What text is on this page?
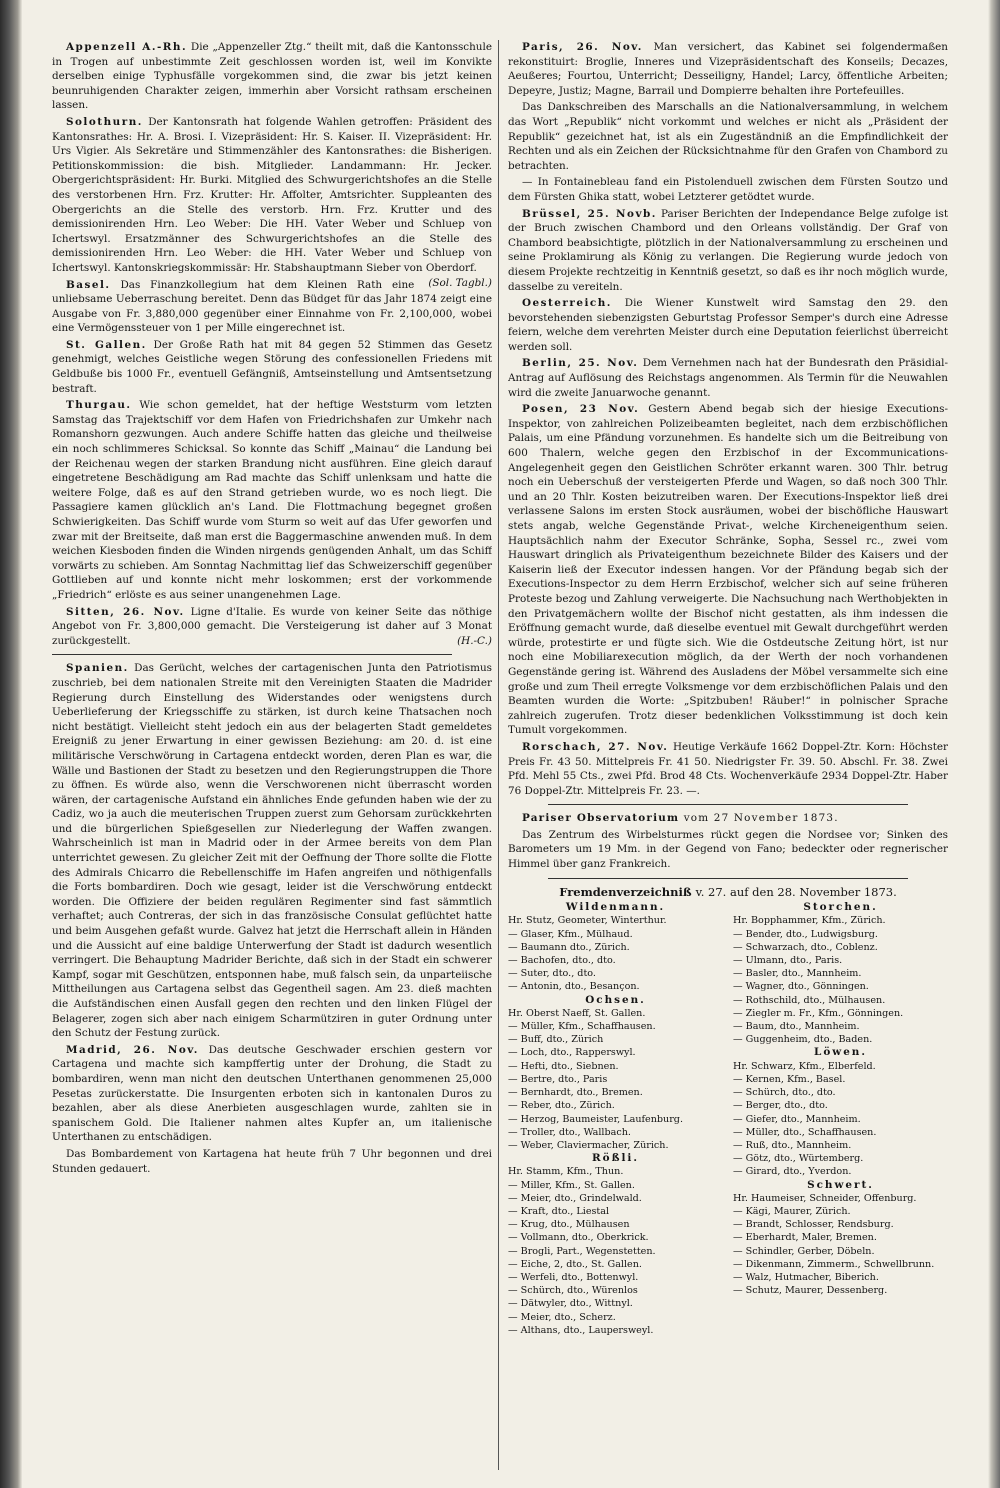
Appenzell A.-Rh. Die „Appenzeller Ztg.“ theilt mit, daß die Kantonsschule in Trogen auf unbestimmte Zeit geschlossen worden ist, weil im Konvikte derselben einige Typhusfälle vorgekommen sind, die zwar bis jetzt keinen beunruhigenden Charakter zeigen, immerhin aber Vorsicht rathsam erscheinen lassen.

Solothurn. Der Kantonsrath hat folgende Wahlen getroffen: Präsident des Kantonsrathes: Hr. A. Brosi. I. Vizepräsident: Hr. S. Kaiser. II. Vizepräsident: Hr. Urs Vigier. Als Sekretäre und Stimmenzähler des Kantonsrathes: die Bisherigen. Petitionskommission: die bish. Mitglieder. Landammann: Hr. Jecker. Obergerichtspräsident: Hr. Burki. Mitglied des Schwurgerichtshofes an die Stelle des verstorbenen Hrn. Frz. Krutter: Hr. Affolter, Amtsrichter. Suppleanten des Obergerichts an die Stelle des verstorb. Hrn. Frz. Krutter und des demissionirenden Hrn. Leo Weber: Die HH. Vater Weber und Schluep von Ichertswyl. Ersatzmänner des Schwurgerichtshofes an die Stelle des demissionirenden Hrn. Leo Weber: die HH. Vater Weber und Schluep von Ichertswyl. Kantonskriegskommissär: Hr. Stabshauptmann Sieber von Oberdorf.
(Sol. Tagbl.)

Basel. Das Finanzkollegium hat dem Kleinen Rath eine unliebsame Ueberraschung bereitet. Denn das Büdget für das Jahr 1874 zeigt eine Ausgabe von Fr. 3,880,000 gegenüber einer Einnahme von Fr. 2,100,000, wobei eine Vermögenssteuer von 1 per Mille eingerechnet ist.

St. Gallen. Der Große Rath hat mit 84 gegen 52 Stimmen das Gesetz genehmigt, welches Geistliche wegen Störung des confessionellen Friedens mit Geldbuße bis 1000 Fr., eventuell Gefängniß, Amtseinstellung und Amtsentsetzung bestraft.

Thurgau. Wie schon gemeldet, hat der heftige Weststurm vom letzten Samstag das Trajektschiff vor dem Hafen von Friedrichshafen zur Umkehr nach Romanshorn gezwungen. Auch andere Schiffe hatten das gleiche und theilweise ein noch schlimmeres Schicksal. So konnte das Schiff „Mainau“ die Landung bei der Reichenau wegen der starken Brandung nicht ausführen. Eine gleich darauf eingetretene Beschädigung am Rad machte das Schiff unlenksam und hatte die weitere Folge, daß es auf den Strand getrieben wurde, wo es noch liegt. Die Passagiere kamen glücklich an's Land. Die Flottmachung begegnet großen Schwierigkeiten. Das Schiff wurde vom Sturm so weit auf das Ufer geworfen und zwar mit der Breitseite, daß man erst die Baggermaschine anwenden muß. In dem weichen Kiesboden finden die Winden nirgends genügenden Anhalt, um das Schiff vorwärts zu schieben. Am Sonntag Nachmittag lief das Schweizerschiff gegenüber Gottlieben auf und konnte nicht mehr loskommen; erst der vorkommende „Friedrich“ erlöste es aus seiner unangenehmen Lage.

Sitten, 26. Nov. Ligne d'Italie. Es wurde von keiner Seite das nöthige Angebot von Fr. 3,800,000 gemacht. Die Versteigerung ist daher auf 3 Monat zurückgestellt.	(H.-C.)

Spanien. Das Gerücht, welches der cartagenischen Junta den Patriotismus zuschrieb, bei dem nationalen Streite mit den Vereinigten Staaten die Madrider Regierung durch Einstellung des Widerstandes oder wenigstens durch Ueberlieferung der Kriegsschiffe zu stärken, ist durch keine Thatsachen noch nicht bestätigt. Vielleicht steht jedoch ein aus der belagerten Stadt gemeldetes Ereigniß zu jener Erwartung in einer gewissen Beziehung: am 20. d. ist eine militärische Verschwörung in Cartagena entdeckt worden, deren Plan es war, die Wälle und Bastionen der Stadt zu besetzen und den Regierungstruppen die Thore zu öffnen. Es würde also, wenn die Verschworenen nicht überrascht worden wären, der cartagenische Aufstand ein ähnliches Ende gefunden haben wie der zu Cadiz, wo ja auch die meuterischen Truppen zuerst zum Gehorsam zurückkehrten und die bürgerlichen Spießgesellen zur Niederlegung der Waffen zwangen. Wahrscheinlich ist man in Madrid oder in der Armee bereits von dem Plan unterrichtet gewesen. Zu gleicher Zeit mit der Oeffnung der Thore sollte die Flotte des Admirals Chicarro die Rebellenschiffe im Hafen angreifen und nöthigenfalls die Forts bombardiren. Doch wie gesagt, leider ist die Verschwörung entdeckt worden. Die Offiziere der beiden regulären Regimenter sind fast sämmtlich verhaftet; auch Contreras, der sich in das französische Consulat geflüchtet hatte und beim Ausgehen gefaßt wurde. Galvez hat jetzt die Herrschaft allein in Händen und die Aussicht auf eine baldige Unterwerfung der Stadt ist dadurch wesentlich verringert. Die Behauptung Madrider Berichte, daß sich in der Stadt ein schwerer Kampf, sogar mit Geschützen, entsponnen habe, muß falsch sein, da unparteiische Mittheilungen aus Cartagena selbst das Gegentheil sagen. Am 23. dieß machten die Aufständischen einen Ausfall gegen den rechten und den linken Flügel der Belagerer, zogen sich aber nach einigem Scharmütziren in guter Ordnung unter den Schutz der Festung zurück.

Madrid, 26. Nov. Das deutsche Geschwader erschien gestern vor Cartagena und machte sich kampffertig unter der Drohung, die Stadt zu bombardiren, wenn man nicht den deutschen Unterthanen genommenen 25,000 Pesetas zurückerstatte. Die Insurgenten erboten sich in kantonalen Duros zu bezahlen, aber als diese Anerbieten ausgeschlagen wurde, zahlten sie in spanischem Gold. Die Italiener nahmen altes Kupfer an, um italienische Unterthanen zu entschädigen.

Das Bombardement von Kartagena hat heute früh 7 Uhr begonnen und drei Stunden gedauert.

Paris, 26. Nov. Man versichert, das Kabinet sei folgendermaßen rekonstituirt: Broglie, Inneres und Vizepräsidentschaft des Konseils; Decazes, Aeußeres; Fourtou, Unterricht; Desseiligny, Handel; Larcy, öffentliche Arbeiten; Depeyre, Justiz; Magne, Barrail und Dompierre behalten ihre Portefeuilles.

Das Dankschreiben des Marschalls an die Nationalversammlung, in welchem das Wort „Republik“ nicht vorkommt und welches er nicht als „Präsident der Republik“ gezeichnet hat, ist als ein Zugeständniß an die Empfindlichkeit der Rechten und als ein Zeichen der Rücksichtnahme für den Grafen von Chambord zu betrachten.

— In Fontainebleau fand ein Pistolenduell zwischen dem Fürsten Soutzo und dem Fürsten Ghika statt, wobei Letzterer getödtet wurde.

Brüssel, 25. Novb. Pariser Berichten der Independance Belge zufolge ist der Bruch zwischen Chambord und den Orleans vollständig. Der Graf von Chambord beabsichtigte, plötzlich in der Nationalversammlung zu erscheinen und seine Proklamirung als König zu verlangen. Die Regierung wurde jedoch von diesem Projekte rechtzeitig in Kenntniß gesetzt, so daß es ihr noch möglich wurde, dasselbe zu vereiteln.

Oesterreich. Die Wiener Kunstwelt wird Samstag den 29. den bevorstehenden siebenzigsten Geburtstag Professor Semper's durch eine Adresse feiern, welche dem verehrten Meister durch eine Deputation feierlichst überreicht werden soll.

Berlin, 25. Nov. Dem Vernehmen nach hat der Bundesrath den Präsidial-Antrag auf Auflösung des Reichstags angenommen. Als Termin für die Neuwahlen wird die zweite Januarwoche genannt.

Posen, 23 Nov. Gestern Abend begab sich der hiesige Executions-Inspektor, von zahlreichen Polizeibeamten begleitet, nach dem erzbischöflichen Palais, um eine Pfändung vorzunehmen. Es handelte sich um die Beitreibung von 600 Thalern, welche gegen den Erzbischof in der Excommunications-Angelegenheit gegen den Geistlichen Schröter erkannt waren. 300 Thlr. betrug noch ein Ueberschuß der versteigerten Pferde und Wagen, so daß noch 300 Thlr. und an 20 Thlr. Kosten beizutreiben waren. Der Executions-Inspektor ließ drei verlassene Salons im ersten Stock ausräumen, wobei der bischöfliche Hauswart stets angab, welche Gegenstände Privat-, welche Kircheneigenthum seien. Hauptsächlich nahm der Executor Schränke, Sopha, Sessel rc., zwei vom Hauswart dringlich als Privateigenthum bezeichnete Bilder des Kaisers und der Kaiserin ließ der Executor indessen hangen. Vor der Pfändung begab sich der Executions-Inspector zu dem Herrn Erzbischof, welcher sich auf seine früheren Proteste bezog und Zahlung verweigerte. Die Nachsuchung nach Werthobjekten in den Privatgemächern wollte der Bischof nicht gestatten, als ihm indessen die Eröffnung gemacht wurde, daß dieselbe eventuel mit Gewalt durchgeführt werden würde, protestirte er und fügte sich. Wie die Ostdeutsche Zeitung hört, ist nur noch eine Mobiliarexecution möglich, da der Werth der noch vorhandenen Gegenstände gering ist. Während des Ausladens der Möbel versammelte sich eine große und zum Theil erregte Volksmenge vor dem erzbischöflichen Palais und den Beamten wurden die Worte: „Spitzbuben! Räuber!“ in polnischer Sprache zahlreich zugerufen. Trotz dieser bedenklichen Volksstimmung ist doch kein Tumult vorgekommen.

Rorschach, 27. Nov. Heutige Verkäufe 1662 Doppel-Ztr. Korn: Höchster Preis Fr. 43 50. Mittelpreis Fr. 41 50. Niedrigster Fr. 39. 50. Abschl. Fr. 38. Zwei Pfd. Mehl 55 Cts., zwei Pfd. Brod 48 Cts. Wochenverkäufe 2934 Doppel-Ztr. Haber 76 Doppel-Ztr. Mittelpreis Fr. 23. —.

Pariser Observatorium vom 27 November 1873.

Das Zentrum des Wirbelsturmes rückt gegen die Nordsee vor; Sinken des Barometers um 19 Mm. in der Gegend von Fano; bedeckter oder regnerischer Himmel über ganz Frankreich.

Fremdenverzeichniß v. 27. auf den 28. November 1873.
Wildenmann.
Hr. Stutz, Geometer, Winterthur.
— Glaser, Kfm., Mülhaud.
— Baumann dto., Zürich.
— Bachofen, dto., dto.
— Suter, dto., dto.
— Antonin, dto., Besançon.
Ochsen.
Hr. Oberst Naeff, St. Gallen.
— Müller, Kfm., Schaffhausen.
— Buff, dto., Zürich
— Loch, dto., Rapperswyl.
— Hefti, dto., Siebnen.
— Bertre, dto., Paris
— Bernhardt, dto., Bremen.
— Reber, dto., Zürich.
— Herzog, Baumeister, Laufenburg.
— Troller, dto., Wallbach.
— Weber, Claviermacher, Zürich.
Rößli.
Hr. Stamm, Kfm., Thun.
— Miller, Kfm., St. Gallen.
— Meier, dto., Grindelwald.
— Kraft, dto., Liestal
— Krug, dto., Mülhausen
— Vollmann, dto., Oberkrick.
— Brogli, Part., Wegenstetten.
— Eiche, 2, dto., St. Gallen.
— Werfeli, dto., Bottenwyl.
— Schürch, dto., Würenlos
— Dätwyler, dto., Wittnyl.
— Meier, dto., Scherz.
— Althans, dto., Laupersweyl.
Storchen.
Hr. Bopphammer, Kfm., Zürich.
— Bender, dto., Ludwigsburg.
— Schwarzach, dto., Coblenz.
— Ulmann, dto., Paris.
— Basler, dto., Mannheim.
— Wagner, dto., Gönningen.
— Rothschild, dto., Mülhausen.
— Ziegler m. Fr., Kfm., Gönningen.
— Baum, dto., Mannheim.
— Guggenheim, dto., Baden.
Löwen.
Hr. Schwarz, Kfm., Elberfeld.
— Kernen, Kfm., Basel.
— Schürch, dto., dto.
— Berger, dto., dto.
— Giefer, dto., Mannheim.
— Müller, dto., Schaffhausen.
— Ruß, dto., Mannheim.
— Götz, dto., Würtemberg.
— Girard, dto., Yverdon.
Schwert.
Hr. Haumeiser, Schneider, Offenburg.
— Kägi, Maurer, Zürich.
— Brandt, Schlosser, Rendsburg.
— Eberhardt, Maler, Bremen.
— Schindler, Gerber, Döbeln.
— Dikenmann, Zimmerm., Schwellbrunn.
— Walz, Hutmacher, Biberich.
— Schutz, Maurer, Dessenberg.
